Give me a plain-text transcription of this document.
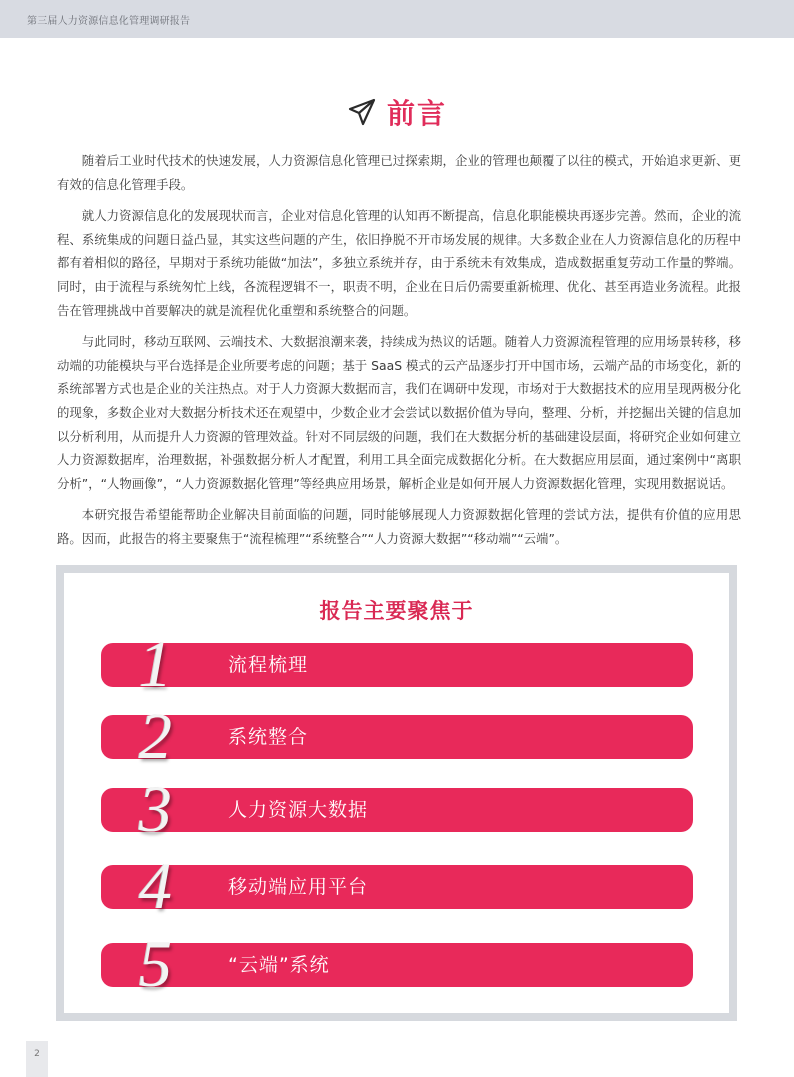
第三届人力资源信息化管理调研报告
前言

随着后工业时代技术的快速发展，人力资源信息化管理已过探索期，企业的管理也颠覆了以往的模式，开始追求更新、更有效的信息化管理手段。

就人力资源信息化的发展现状而言，企业对信息化管理的认知再不断提高，信息化职能模块再逐步完善。然而，企业的流程、系统集成的问题日益凸显，其实这些问题的产生，依旧挣脱不开市场发展的规律。大多数企业在人力资源信息化的历程中都有着相似的路径，早期对于系统功能做“加法”，多独立系统并存，由于系统未有效集成，造成数据重复劳动工作量的弊端。同时，由于流程与系统匆忙上线，各流程逻辑不一，职责不明，企业在日后仍需要重新梳理、优化、甚至再造业务流程。此报告在管理挑战中首要解决的就是流程优化重塑和系统整合的问题。

与此同时，移动互联网、云端技术、大数据浪潮来袭，持续成为热议的话题。随着人力资源流程管理的应用场景转移，移动端的功能模块与平台选择是企业所要考虑的问题；基于 SaaS 模式的云产品逐步打开中国市场，云端产品的市场变化，新的系统部署方式也是企业的关注热点。对于人力资源大数据而言，我们在调研中发现，市场对于大数据技术的应用呈现两极分化的现象，多数企业对大数据分析技术还在观望中，少数企业才会尝试以数据价值为导向，整理、分析，并挖掘出关键的信息加以分析利用，从而提升人力资源的管理效益。针对不同层级的问题，我们在大数据分析的基础建设层面，将研究企业如何建立人力资源数据库，治理数据，补强数据分析人才配置，利用工具全面完成数据化分析。在大数据应用层面，通过案例中“离职分析”，“人物画像”，“人力资源数据化管理”等经典应用场景，解析企业是如何开展人力资源数据化管理，实现用数据说话。

本研究报告希望能帮助企业解决目前面临的问题，同时能够展现人力资源数据化管理的尝试方法，提供有价值的应用思路。因而，此报告的将主要聚焦于“流程梳理”“系统整合”“人力资源大数据”“移动端”“云端”。

报告主要聚焦于
1	流程梳理
2	系统整合
3	人力资源大数据
4	移动端应用平台
5	“云端”系统
2
